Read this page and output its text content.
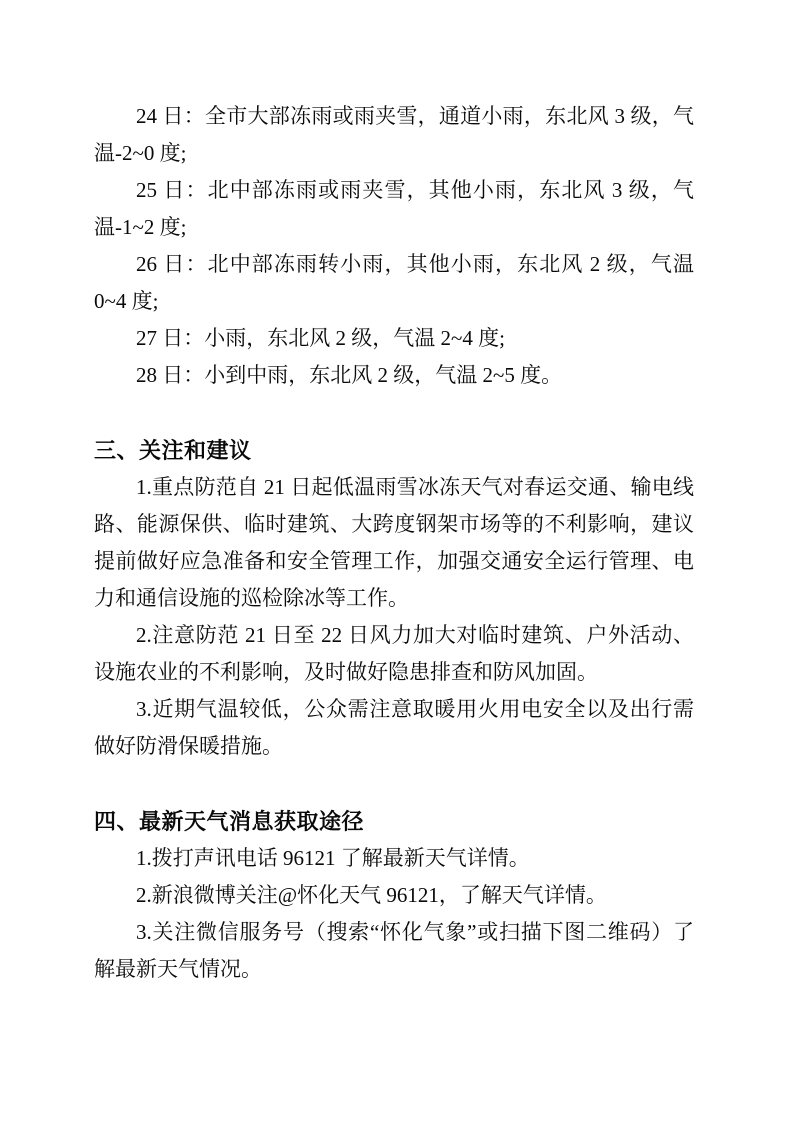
24 日：全市大部冻雨或雨夹雪，通道小雨，东北风 3 级，气温-2~0 度;

25 日：北中部冻雨或雨夹雪，其他小雨，东北风 3 级，气温-1~2 度;

26 日：北中部冻雨转小雨，其他小雨，东北风 2 级，气温 0~4 度;

27 日：小雨，东北风 2 级，气温 2~4 度;

28 日：小到中雨，东北风 2 级，气温 2~5 度。

三、关注和建议

1.重点防范自 21 日起低温雨雪冰冻天气对春运交通、输电线路、能源保供、临时建筑、大跨度钢架市场等的不利影响，建议提前做好应急准备和安全管理工作，加强交通安全运行管理、电力和通信设施的巡检除冰等工作。

2.注意防范 21 日至 22 日风力加大对临时建筑、户外活动、设施农业的不利影响，及时做好隐患排查和防风加固。

3.近期气温较低，公众需注意取暖用火用电安全以及出行需做好防滑保暖措施。

四、最新天气消息获取途径

1.拨打声讯电话 96121 了解最新天气详情。

2.新浪微博关注@怀化天气 96121，了解天气详情。

3.关注微信服务号（搜索“怀化气象”或扫描下图二维码）了解最新天气情况。
